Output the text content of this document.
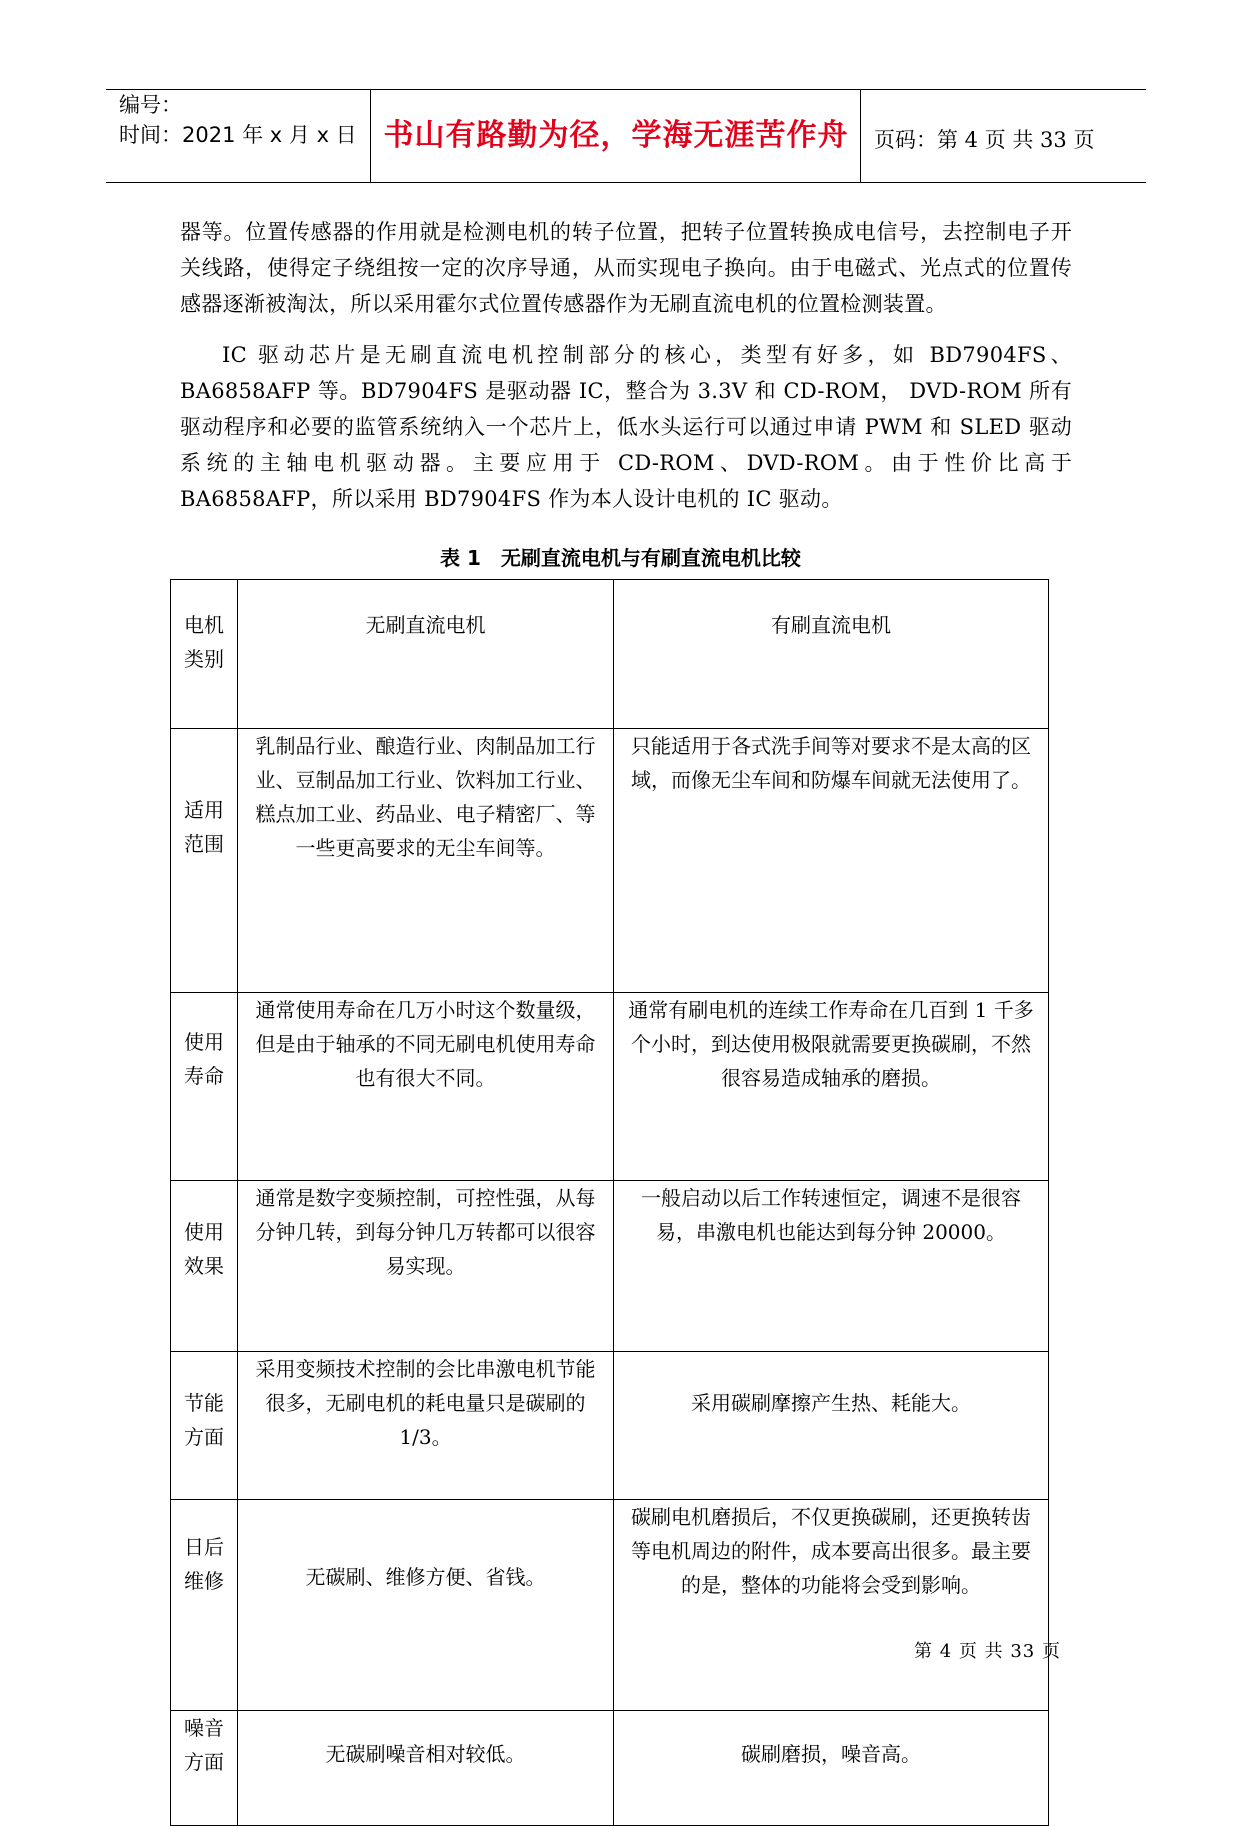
编号：
时间：2021 年 x 月 x 日 书山有路勤为径，学海无涯苦作舟	页码：第 4 页 共 33 页
器等。位置传感器的作用就是检测电机的转子位置，把转子位置转换成电信号，去控制电子开关线路，使得定子绕组按一定的次序导通，从而实现电子换向。由于电磁式、光点式的位置传感器逐渐被淘汰，所以采用霍尔式位置传感器作为无刷直流电机的位置检测装置。
IC 驱动芯片是无刷直流电机控制部分的核心，类型有好多，如 BD7904FS、BA6858AFP 等。BD7904FS 是驱动器 IC，整合为 3.3V 和 CD-ROM， DVD-ROM 所有驱动程序和必要的监管系统纳入一个芯片上，低水头运行可以通过申请 PWM 和 SLED 驱动系统的主轴电机驱动器。主要应用于 CD-ROM、DVD-ROM。由于性价比高于 BA6858AFP，所以采用 BD7904FS 作为本人设计电机的 IC 驱动。
表 1　无刷直流电机与有刷直流电机比较
电机类别	无刷直流电机	有刷直流电机
适用范围	乳制品行业、酿造行业、肉制品加工行业、豆制品加工行业、饮料加工行业、糕点加工业、药品业、电子精密厂、等一些更高要求的无尘车间等。	只能适用于各式洗手间等对要求不是太高的区域，而像无尘车间和防爆车间就无法使用了。
使用寿命	通常使用寿命在几万小时这个数量级，但是由于轴承的不同无刷电机使用寿命也有很大不同。	通常有刷电机的连续工作寿命在几百到 1 千多个小时，到达使用极限就需要更换碳刷，不然很容易造成轴承的磨损。
使用效果	通常是数字变频控制，可控性强，从每分钟几转，到每分钟几万转都可以很容易实现。	一般启动以后工作转速恒定，调速不是很容易，串激电机也能达到每分钟 20000。
节能方面	采用变频技术控制的会比串激电机节能很多，无刷电机的耗电量只是碳刷的 1/3。	采用碳刷摩擦产生热、耗能大。
日后维修	无碳刷、维修方便、省钱。	碳刷电机磨损后，不仅更换碳刷，还更换转齿等电机周边的附件，成本要高出很多。最主要的是，整体的功能将会受到影响。
噪音方面	无碳刷噪音相对较低。	碳刷磨损，噪音高。
第 4 页 共 33 页
